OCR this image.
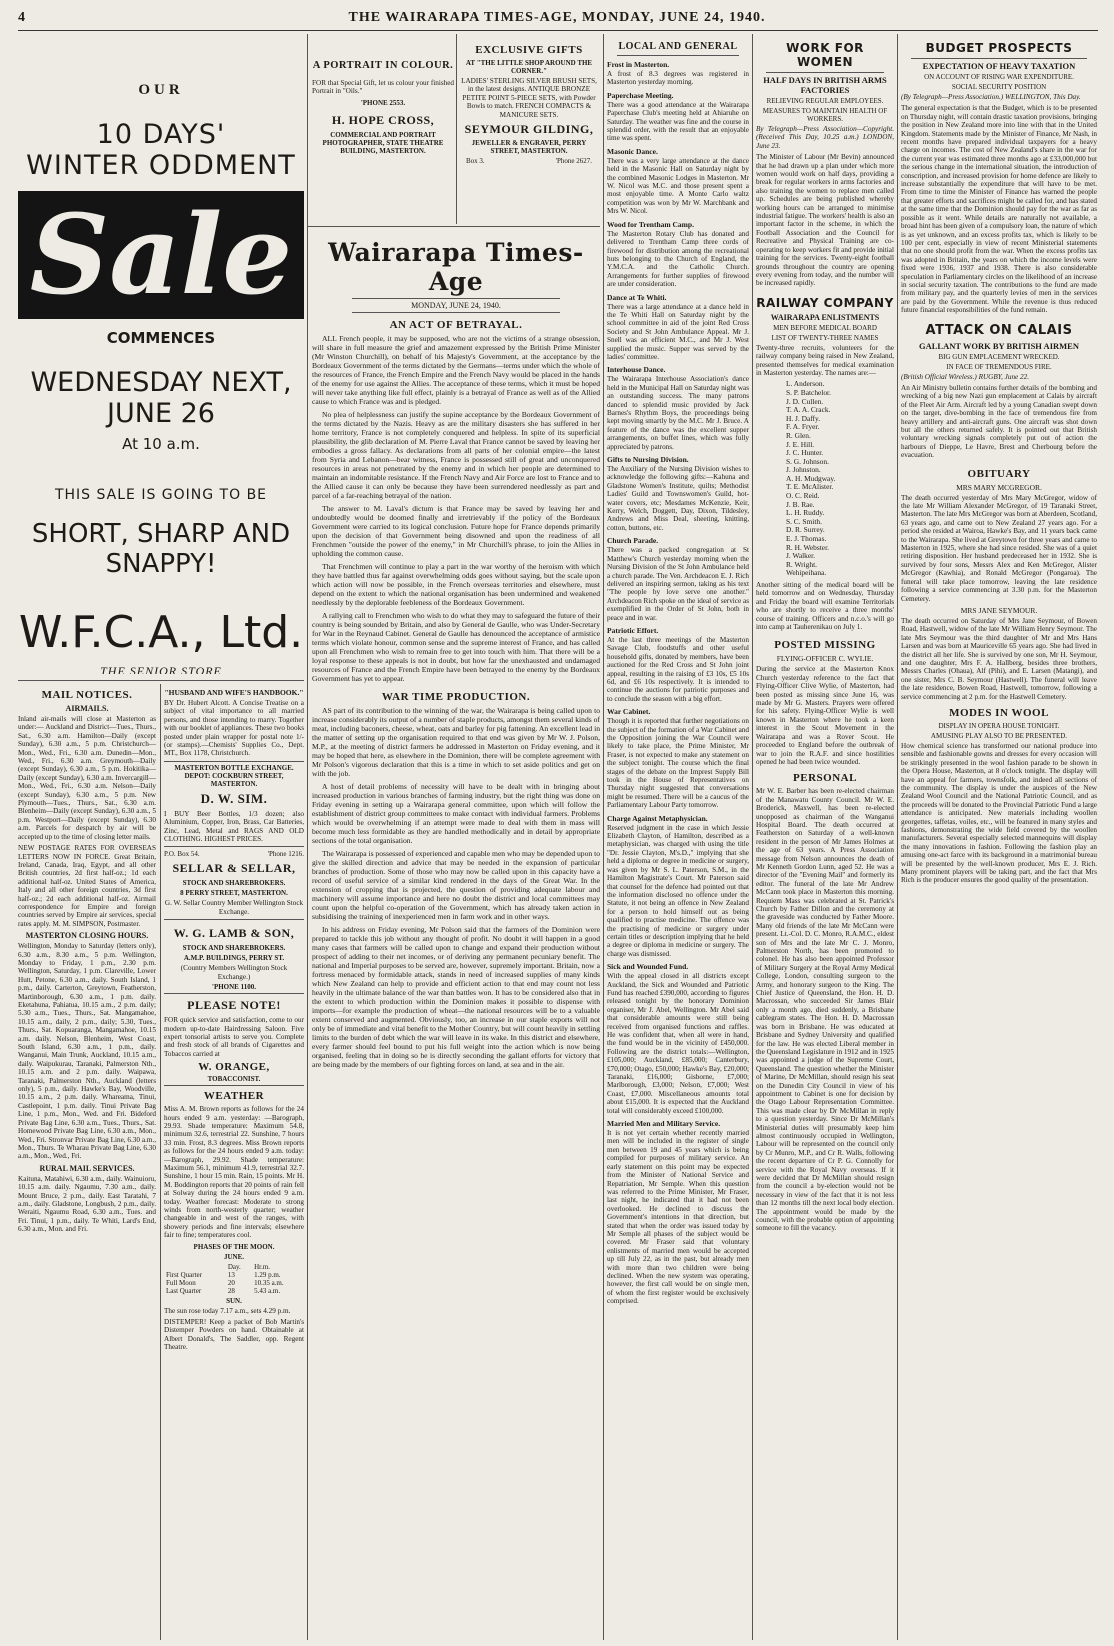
4	THE WAIRARAPA TIMES-AGE, MONDAY, JUNE 24, 1940.
OUR
10 DAYS'
WINTER ODDMENT
Sale
COMMENCES
WEDNESDAY NEXT,
JUNE 26
At 10 a.m.
THIS SALE IS GOING TO BE
SHORT, SHARP AND
SNAPPY!
W.F.C.A., Ltd.
THE SENIOR STORE
MAIL NOTICES.
AIRMAILS.

Inland air-mails will close at Masterton as under:— Auckland and District—Tues., Thurs., Sat., 6.30 a.m. Hamilton—Daily (except Sunday), 6.30 a.m., 5 p.m. Christchurch—Mon., Wed., Fri., 6.30 a.m. Dunedin—Mon., Wed., Fri., 6.30 a.m. Greymouth—Daily (except Sunday), 6.30 a.m., 5 p.m. Hokitika—Daily (except Sunday), 6.30 a.m. Invercargill—Mon., Wed., Fri., 6.30 a.m. Nelson—Daily (except Sunday), 6.30 a.m., 5 p.m. New Plymouth—Tues., Thurs., Sat., 6.30 a.m. Blenheim—Daily (except Sunday), 6.30 a.m., 5 p.m. Westport—Daily (except Sunday), 6.30 a.m. Parcels for despatch by air will be accepted up to the time of closing letter mails.

NEW POSTAGE RATES FOR OVERSEAS LETTERS NOW IN FORCE. Great Britain, Ireland, Canada, Iraq, Egypt, and all other British countries, 2d first half-oz.; 1d each additional half-oz. United States of America, Italy and all other foreign countries, 3d first half-oz.; 2d each additional half-oz. Airmail correspondence for Empire and foreign countries served by Empire air services, special rates apply. M. M. SIMPSON, Postmaster.

MASTERTON CLOSING HOURS.

Wellington, Monday to Saturday (letters only), 6.30 a.m., 8.30 a.m., 5 p.m. Wellington, Monday to Friday, 1 p.m., 2.30 p.m. Wellington, Saturday, 1 p.m. Clareville, Lower Hutt, Petone, 6.30 a.m., daily. South Island, 1 p.m., daily. Carterton, Greytown, Featherston, Martinborough, 6.30 a.m., 1 p.m. daily. Eketahuna, Pahiatua, 10.15 a.m., 2 p.m. daily; 5.30 a.m., Tues., Thurs., Sat. Mangamahoe, 10.15 a.m., daily, 2 p.m., daily; 5.30, Tues., Thurs., Sat. Kopuaranga, Mangamahoe, 10.15 a.m. daily. Nelson, Blenheim, West Coast, South Island, 6.30 a.m., 1 p.m., daily. Wanganui, Main Trunk, Auckland, 10.15 a.m., daily. Waipukurau, Taranaki, Palmerston Nth., 10.15 a.m. and 2 p.m. daily. Waipawa, Taranaki, Palmerston Nth., Auckland (letters only), 5 p.m., daily. Hawke's Bay, Woodville, 10.15 a.m., 2 p.m. daily. Whareama, Tinui, Castlepoint, 1 p.m. daily. Tinui Private Bag Line, 1 p.m., Mon., Wed. and Fri. Bideford Private Bag Line, 6.30 a.m., Tues., Thurs., Sat. Homewood Private Bag Line, 6.30 a.m., Mon., Wed., Fri. Stronvar Private Bag Line, 6.30 a.m., Mon., Thurs. Te Wharau Private Bag Line, 6.30 a.m., Mon., Wed., Fri.

RURAL MAIL SERVICES.

Kaituna, Matahiwi, 6.30 a.m., daily. Wainuioru, 10.15 a.m. daily. Ngaumu, 7.30 a.m., daily. Mount Bruce, 2 p.m., daily. East Taratahi, 7 a.m., daily. Gladstone, Longbush, 2 p.m., daily. Weraiti, Ngaumu Road, 6.30 a.m., Tues. and Fri. Tinui, 1 p.m., daily. Te Whiti, Lard's End, 6.30 a.m., Mon. and Fri.

"HUSBAND AND WIFE'S HANDBOOK."

BY Dr. Hubert Alcott. A Concise Treatise on a subject of vital importance to all married persons, and those intending to marry. Together with our booklet of appliances. These two books posted under plain wrapper for postal note 1/- (or stamps).—Chemists' Supplies Co., Dept. MT., Box 1178, Christchurch.

MASTERTON BOTTLE EXCHANGE. DEPOT: COCKBURN STREET, MASTERTON.
D. W. SIM.

I BUY Beer Bottles, 1/3 dozen; also Aluminium, Copper, Iron, Brass, Car Batteries, Zinc, Lead, Metal and RAGS AND OLD CLOTHING. HIGHEST PRICES.

P.O. Box 54.	'Phone 1216.
SELLAR & SELLAR,
STOCK AND SHAREBROKERS.
8 PERRY STREET, MASTERTON.

G. W. Sellar Country Member Wellington Stock Exchange.

W. G. LAMB & SON,
STOCK AND SHAREBROKERS.
A.M.P. BUILDINGS, PERRY ST.

(Country Members Wellington Stock Exchange.)

'PHONE 1100.
PLEASE NOTE!

FOR quick service and satisfaction, come to our modern up-to-date Hairdressing Saloon. Five expert tonsorial artists to serve you. Complete and fresh stock of all brands of Cigarettes and Tobaccos carried at

W. ORANGE,
TOBACCONIST.
WEATHER

Miss A. M. Brown reports as follows for the 24 hours ended 9 a.m. yesterday: —Barograph, 29.93. Shade temperature: Maximum 54.8, minimum 32.6, terrestrial 22. Sunshine, 7 hours 33 min. Frost, 8.3 degrees. Miss Brown reports as follows for the 24 hours ended 9 a.m. today:—Barograph, 29.92. Shade temperature: Maximum 56.1, minimum 41.9, terrestrial 32.7. Sunshine, 1 hour 15 min. Rain, 15 points. Mr H. M. Boddington reports that 20 points of rain fell at Solway during the 24 hours ended 9 a.m. today. Weather forecast: Moderate to strong winds from north-westerly quarter; weather changeable in and west of the ranges, with showery periods and fine intervals; elsewhere fair to fine; temperatures cool.

PHASES OF THE MOON.
JUNE.
	Day.	Hr.m.
First Quarter	13	1.29 p.m.
Full Moon	20	10.35 a.m.
Last Quarter	28	5.43 a.m.
SUN.

The sun rose today 7.17 a.m., sets 4.29 p.m.

DISTEMPER! Keep a packet of Bob Martin's Distemper Powders on hand. Obtainable at Albert Donald's, The Saddler, opp. Regent Theatre.

A PORTRAIT IN COLOUR.

FOR that Special Gift, let us colour your finished Portrait in "Oils."

'PHONE 2553.
H. HOPE CROSS,
COMMERCIAL AND PORTRAIT PHOTOGRAPHER, STATE THEATRE BUILDING, MASTERTON.
EXCLUSIVE GIFTS
AT "THE LITTLE SHOP AROUND THE CORNER."

LADIES' STERLING SILVER BRUSH SETS, in the latest designs. ANTIQUE BRONZE PETITE POINT 5-PIECE SETS, with Powder Bowls to match. FRENCH COMPACTS & MANICURE SETS.

SEYMOUR GILDING,
JEWELLER & ENGRAVER, PERRY STREET, MASTERTON.
Box 3.	'Phone 2627.
Wairarapa Times-Age
MONDAY, JUNE 24, 1940.
AN ACT OF BETRAYAL.

ALL French people, it may be supposed, who are not the victims of a strange obsession, will share in full measure the grief and amazement expressed by the British Prime Minister (Mr Winston Churchill), on behalf of his Majesty's Government, at the acceptance by the Bordeaux Government of the terms dictated by the Germans—terms under which the whole of the resources of France, the French Empire and the French Navy would be placed in the hands of the enemy for use against the Allies. The acceptance of these terms, which it must be hoped will never take anything like full effect, plainly is a betrayal of France as well as of the Allied cause to which France was and is pledged.

No plea of helplessness can justify the supine acceptance by the Bordeaux Government of the terms dictated by the Nazis. Heavy as are the military disasters she has suffered in her home territory, France is not completely conquered and helpless. In spite of its superficial plausibility, the glib declaration of M. Pierre Laval that France cannot be saved by leaving her embodies a gross fallacy. As declarations from all parts of her colonial empire—the latest from Syria and Lebanon—bear witness, France is possessed still of great and unconquered resources in areas not penetrated by the enemy and in which her people are determined to maintain an indomitable resistance. If the French Navy and Air Force are lost to France and to the Allied cause it can only be because they have been surrendered needlessly as part and parcel of a far-reaching betrayal of the nation.

The answer to M. Laval's dictum is that France may be saved by leaving her and undoubtedly would be doomed finally and irretrievably if the policy of the Bordeaux Government were carried to its logical conclusion. Future hope for France depends primarily upon the decision of that Government being disowned and upon the readiness of all Frenchmen "outside the power of the enemy," in Mr Churchill's phrase, to join the Allies in upholding the common cause.

That Frenchmen will continue to play a part in the war worthy of the heroism with which they have battled thus far against overwhelming odds goes without saying, but the scale upon which action will now be possible, in the French overseas territories and elsewhere, must depend on the extent to which the national organisation has been undermined and weakened needlessly by the deplorable feebleness of the Bordeaux Government.

A rallying call to Frenchmen who wish to do what they may to safeguard the future of their country is being sounded by Britain, and also by General de Gaulle, who was Under-Secretary for War in the Reynaud Cabinet. General de Gaulle has denounced the acceptance of armistice terms which violate honour, common sense and the supreme interest of France, and has called upon all Frenchmen who wish to remain free to get into touch with him. That there will be a loyal response to these appeals is not in doubt, but how far the unexhausted and undamaged resources of France and the French Empire have been betrayed to the enemy by the Bordeaux Government has yet to appear.

WAR TIME PRODUCTION.

AS part of its contribution to the winning of the war, the Wairarapa is being called upon to increase considerably its output of a number of staple products, amongst them several kinds of meat, including baconers, cheese, wheat, oats and barley for pig fattening. An excellent lead in the matter of setting up the organisation required to that end was given by Mr W. J. Polson, M.P., at the meeting of district farmers he addressed in Masterton on Friday evening, and it may be hoped that here, as elsewhere in the Dominion, there will be complete agreement with Mr Polson's vigorous declaration that this is a time in which to set aside politics and get on with the job.

A host of detail problems of necessity will have to be dealt with in bringing about increased production in various branches of farming industry, but the right thing was done on Friday evening in setting up a Wairarapa general committee, upon which will follow the establishment of district group committees to make contact with individual farmers. Problems which would be overwhelming if an attempt were made to deal with them in mass will become much less formidable as they are handled methodically and in detail by appropriate sections of the total organisation.

The Wairarapa is possessed of experienced and capable men who may be depended upon to give the skilled direction and advice that may be needed in the expansion of particular branches of production. Some of those who may now be called upon in this capacity have a record of useful service of a similar kind rendered in the days of the Great War. In the extension of cropping that is projected, the question of providing adequate labour and machinery will assume importance and here no doubt the district and local committees may count upon the helpful co-operation of the Government, which has already taken action in subsidising the training of inexperienced men in farm work and in other ways.

In his address on Friday evening, Mr Polson said that the farmers of the Dominion were prepared to tackle this job without any thought of profit. No doubt it will happen in a good many cases that farmers will be called upon to change and expand their production without prospect of adding to their net incomes, or of deriving any permanent pecuniary benefit. The national and Imperial purposes to be served are, however, supremely important. Britain, now a fortress menaced by formidable attack, stands in need of increased supplies of many kinds which New Zealand can help to provide and efficient action to that end may count not less heavily in the ultimate balance of the war than battles won. It has to be considered also that in the extent to which production within the Dominion makes it possible to dispense with imports—for example the production of wheat—the national resources will be to a valuable extent conserved and augmented. Obviously, too, an increase in our staple exports will not only be of immediate and vital benefit to the Mother Country, but will count heavily in settling limits to the burden of debt which the war will leave in its wake. In this district and elsewhere, every farmer should feel bound to put his full weight into the action which is now being organised, feeling that in doing so he is directly seconding the gallant efforts for victory that are being made by the members of our fighting forces on land, at sea and in the air.

LOCAL AND GENERAL
Frost in Masterton.

A frost of 8.3 degrees was registered in Masterton yesterday morning.

Paperchase Meeting.

There was a good attendance at the Wairarapa Paperchase Club's meeting held at Ahiaruhe on Saturday. The weather was fine and the course in splendid order, with the result that an enjoyable time was spent.

Masonic Dance.

There was a very large attendance at the dance held in the Masonic Hall on Saturday night by the combined Masonic Lodges in Masterton. Mr W. Nicol was M.C. and those present spent a most enjoyable time. A Monte Carlo waltz competition was won by Mr W. Marchbank and Mrs W. Nicol.

Wood for Trentham Camp.

The Masterton Rotary Club has donated and delivered to Trentham Camp three cords of firewood for distribution among the recreational huts belonging to the Church of England, the Y.M.C.A. and the Catholic Church. Arrangements for further supplies of firewood are under consideration.

Dance at Te Whiti.

There was a large attendance at a dance held in the Te Whiti Hall on Saturday night by the school committee in aid of the joint Red Cross Society and St John Ambulance Appeal. Mr J. Snell was an efficient M.C., and Mr J. West supplied the music. Supper was served by the ladies' committee.

Interhouse Dance.

The Wairarapa Interhouse Association's dance held in the Municipal Hall on Saturday night was an outstanding success. The many patrons danced to splendid music provided by Jack Barnes's Rhythm Boys, the proceedings being kept moving smartly by the M.C. Mr J. Bruce. A feature of the dance was the excellent supper arrangements, on buffet lines, which was fully appreciated by patrons.

Gifts to Nursing Division.

The Auxiliary of the Nursing Division wishes to acknowledge the following gifts:—Kahuna and Gladstone Women's Institute, quilts; Methodist Ladies' Guild and Townswomen's Guild, hot-water covers, etc; Mesdames McKenzie, Keir, Kerry, Welch, Doggett, Day, Dixon, Tildesley, Andrews and Miss Deal, sheeting, knitting, cotton, buttons, etc.

Church Parade.

There was a packed congregation at St Matthew's Church yesterday morning when the Nursing Division of the St John Ambulance held a church parade. The Ven. Archdeacon E. J. Rich delivered an inspiring sermon, taking as his text "The people by love serve one another." Archdeacon Rich spoke on the ideal of service as exemplified in the Order of St John, both in peace and in war.

Patriotic Effort.

At the last three meetings of the Masterton Savage Club, foodstuffs and other useful household gifts, donated by members, have been auctioned for the Red Cross and St John joint appeal, resulting in the raising of £3 10s, £5 10s 6d, and £6 10s respectively. It is intended to continue the auctions for patriotic purposes and to conclude the season with a big effort.

War Cabinet.

Though it is reported that further negotiations on the subject of the formation of a War Cabinet and the Opposition joining the War Council were likely to take place, the Prime Minister, Mr Fraser, is not expected to make any statement on the subject tonight. The course which the final stages of the debate on the Imprest Supply Bill took in the House of Representatives on Thursday night suggested that conversations might be resumed. There will be a caucus of the Parliamentary Labour Party tomorrow.

Charge Against Metaphysician.

Reserved judgment in the case in which Jessie Elizabeth Clayton, of Hamilton, described as a metaphysician, was charged with using the title "Dr. Jessie Clayton, M's.D.," implying that she held a diploma or degree in medicine or surgery, was given by Mr S. L. Paterson, S.M., in the Hamilton Magistrate's Court. Mr Paterson said that counsel for the defence had pointed out that the information disclosed no offence under the Statute, it not being an offence in New Zealand for a person to hold himself out as being qualified to practise medicine. The offence was the practising of medicine or surgery under certain titles or description implying that he held a degree or diploma in medicine or surgery. The charge was dismissed.

Sick and Wounded Fund.

With the appeal closed in all districts except Auckland, the Sick and Wounded and Patriotic Fund has reached £390,000, according to figures released tonight by the honorary Dominion organiser, Mr J. Abel, Wellington. Mr Abel said that considerable amounts were still being received from organised functions and raffles. He was confident that, when all were in hand, the fund would be in the vicinity of £450,000. Following are the district totals:—Wellington, £105,000; Auckland, £85,000; Canterbury, £70,000; Otago, £50,000; Hawke's Bay, £20,000; Taranaki, £16,000; Gisborne, £7,000; Marlborough, £3,000; Nelson, £7,000; West Coast, £7,000. Miscellaneous amounts total about £15,000. It is expected that the Auckland total will considerably exceed £100,000.

Married Men and Military Service.

It is not yet certain whether recently married men will be included in the register of single men between 19 and 45 years which is being compiled for purposes of military service. An early statement on this point may be expected from the Minister of National Service and Repatriation, Mr Semple. When this question was referred to the Prime Minister, Mr Fraser, last night, he indicated that it had not been overlooked. He declined to discuss the Government's intentions in that direction, but stated that when the order was issued today by Mr Semple all phases of the subject would be covered. Mr Fraser said that voluntary enlistments of married men would be accepted up till July 22, as in the past, but already men with more than two children were being declined. When the new system was operating, however, the first call would be on single men, of whom the first register would be exclusively comprised.

WORK FOR WOMEN
HALF DAYS IN BRITISH ARMS FACTORIES
RELIEVING REGULAR EMPLOYEES.
MEASURES TO MAINTAIN HEALTH OF WORKERS.

By Telegraph—Press Association—Copyright. (Received This Day, 10.25 a.m.) LONDON, June 23.

The Minister of Labour (Mr Bevin) announced that he had drawn up a plan under which more women would work on half days, providing a break for regular workers in arms factories and also training the women to replace men called up. Schedules are being published whereby working hours can be arranged to minimise industrial fatigue. The workers' health is also an important factor in the scheme, in which the Football Association and the Council for Recreative and Physical Training are co-operating to keep workers fit and provide initial training for the services. Twenty-eight football grounds throughout the country are opening every evening from today, and the number will be increased rapidly.

RAILWAY COMPANY
WAIRARAPA ENLISTMENTS
MEN BEFORE MEDICAL BOARD
LIST OF TWENTY-THREE NAMES

Twenty-three recruits, volunteers for the railway company being raised in New Zealand, presented themselves for medical examination in Masterton yesterday. The names are:—

L. Anderson.
S. P. Batchelor.
J. D. Cullen.
T. A. A. Crack.
H. J. Daffy.
F. A. Fryer.
R. Glen.
J. E. Hill.
J. C. Hunter.
S. G. Johnson.
J. Johnston.
A. H. Mudgway.
T. E. McAlister.
O. C. Reid.
J. B. Rae.
L. H. Ruddy.
S. C. Smith.
D. R. Surrey.
E. J. Thomas.
R. H. Webster.
J. Walker.
R. Wright.
Wehipeihana.

Another sitting of the medical board will be held tomorrow and on Wednesday, Thursday and Friday the board will examine Territorials who are shortly to receive a three months' course of training. Officers and n.c.o.'s will go into camp at Tauherenikau on July 1.

POSTED MISSING
FLYING-OFFICER C. WYLIE.

During the service at the Masterton Knox Church yesterday reference to the fact that Flying-Officer Clive Wylie, of Masterton, had been posted as missing since June 16, was made by Mr G. Masters. Prayers were offered for his safety. Flying-Officer Wylie is well known in Masterton where he took a keen interest in the Scout Movement in the Wairarapa and was a Rover Scout. He proceeded to England before the outbreak of war to join the R.A.F. and since hostilities opened he had been twice wounded.

PERSONAL

Mr W. E. Barber has been re-elected chairman of the Manawatu County Council. Mr W. E. Broderick, Maxwell, has been re-elected unopposed as chairman of the Wanganui Hospital Board. The death occurred at Featherston on Saturday of a well-known resident in the person of Mr James Holmes at the age of 63 years. A Press Association message from Nelson announces the death of Mr Kenneth Gordon Lunn, aged 52. He was a director of the "Evening Mail" and formerly its editor. The funeral of the late Mr Andrew McCann took place in Masterton this morning. Requiem Mass was celebrated at St. Patrick's Church by Father Dillon and the ceremony at the graveside was conducted by Father Moore. Many old friends of the late Mr McCann were present. Lt.-Col. D. C. Monro, R.A.M.C., eldest son of Mrs and the late Mr C. J. Monro, Palmerston North, has been promoted to colonel. He has also been appointed Professor of Military Surgery at the Royal Army Medical College, London, consulting surgeon to the Army, and honorary surgeon to the King. The Chief Justice of Queensland, the Hon. H. D. Macrossan, who succeeded Sir James Blair only a month ago, died suddenly, a Brisbane cablegram states. The Hon. H. D. Macrossan was born in Brisbane. He was educated at Brisbane and Sydney University and qualified for the law. He was elected Liberal member in the Queensland Legislature in 1912 and in 1925 was appointed a judge of the Supreme Court, Queensland. The question whether the Minister of Marine, Dr McMillan, should resign his seat on the Dunedin City Council in view of his appointment to Cabinet is one for decision by the Otago Labour Representation Committee. This was made clear by Dr McMillan in reply to a question yesterday. Since Dr McMillan's Ministerial duties will presumably keep him almost continuously occupied in Wellington, Labour will be represented on the council only by Cr Munro, M.P., and Cr R. Walls, following the recent departure of Cr P. G. Connolly for service with the Royal Navy overseas. If it were decided that Dr McMillan should resign from the council a by-election would not be necessary in view of the fact that it is not less than 12 months till the next local body election. The appointment would be made by the council, with the probable option of appointing someone to fill the vacancy.

BUDGET PROSPECTS
EXPECTATION OF HEAVY TAXATION
ON ACCOUNT OF RISING WAR EXPENDITURE.
SOCIAL SECURITY POSITION

(By Telegraph—Press Association.) WELLINGTON, This Day.

The general expectation is that the Budget, which is to be presented on Thursday night, will contain drastic taxation provisions, bringing the position in New Zealand more into line with that in the United Kingdom. Statements made by the Minister of Finance, Mr Nash, in recent months have prepared individual taxpayers for a heavy charge on incomes. The cost of New Zealand's share in the war for the current year was estimated three months ago at £33,000,000 but the serious change in the international situation, the introduction of conscription, and increased provision for home defence are likely to increase substantially the expenditure that will have to be met. From time to time the Minister of Finance has warned the people that greater efforts and sacrifices might be called for, and has stated at the same time that the Dominion should pay for the war as far as possible as it went. While details are naturally not available, a broad hint has been given of a compulsory loan, the nature of which is as yet unknown, and an excess profits tax, which is likely to be 100 per cent, especially in view of recent Ministerial statements that no one should profit from the war. When the excess profits tax was adopted in Britain, the years on which the income levels were fixed were 1936, 1937 and 1938. There is also considerable speculation in Parliamentary circles on the likelihood of an increase in social security taxation. The contributions to the fund are made from military pay, and the quarterly levies of men in the services are paid by the Government. While the revenue is thus reduced future financial responsibilities of the fund remain.

ATTACK ON CALAIS
GALLANT WORK BY BRITISH AIRMEN
BIG GUN EMPLACEMENT WRECKED.
IN FACE OF TREMENDOUS FIRE.

(British Official Wireless.) RUGBY, June 22.

An Air Ministry bulletin contains further details of the bombing and wrecking of a big new Nazi gun emplacement at Calais by aircraft of the Fleet Air Arm. Aircraft led by a young Canadian swept down on the target, dive-bombing in the face of tremendous fire from heavy artillery and anti-aircraft guns. One aircraft was shot down but all the others returned safely. It is pointed out that British voluntary wrecking signals completely put out of action the harbours of Dieppe, Le Havre, Brest and Cherbourg before the evacuation.

OBITUARY
MRS MARY MCGREGOR.

The death occurred yesterday of Mrs Mary McGregor, widow of the late Mr William Alexander McGregor, of 19 Taranaki Street, Masterton. The late Mrs McGregor was born at Aberdeen, Scotland, 63 years ago, and came out to New Zealand 27 years ago. For a period she resided at Wairoa, Hawke's Bay, and 11 years back came to the Wairarapa. She lived at Greytown for three years and came to Masterton in 1925, where she had since resided. She was of a quiet retiring disposition. Her husband predeceased her in 1932. She is survived by four sons, Messrs Alex and Ken McGregor, Alister McGregor (Kawhia), and Ronald McGregor (Pongaroa). The funeral will take place tomorrow, leaving the late residence following a service commencing at 3.30 p.m. for the Masterton Cemetery.

MRS JANE SEYMOUR.

The death occurred on Saturday of Mrs Jane Seymour, of Bowen Road, Hastwell, widow of the late Mr William Henry Seymour. The late Mrs Seymour was the third daughter of Mr and Mrs Hans Larsen and was born at Mauriceville 65 years ago. She had lived in the district all her life. She is survived by one son, Mr H. Seymour, and one daughter, Mrs F. A. Hallberg, besides three brothers, Messrs Charles (Ohaua), Alf (Pihi), and E. Larsen (Matangi), and one sister, Mrs C. B. Seymour (Hastwell). The funeral will leave the late residence, Bowen Road, Hastwell, tomorrow, following a service commencing at 2 p.m. for the Hastwell Cemetery.

MODES IN WOOL
DISPLAY IN OPERA HOUSE TONIGHT.
AMUSING PLAY ALSO TO BE PRESENTED.

How chemical science has transformed our national produce into sensible and fashionable gowns and dresses for every occasion will be strikingly presented in the wool fashion parade to be shown in the Opera House, Masterton, at 8 o'clock tonight. The display will have an appeal for farmers, townsfolk, and indeed all sections of the community. The display is under the auspices of the New Zealand Wool Council and the National Patriotic Council, and as the proceeds will be donated to the Provincial Patriotic Fund a large attendance is anticipated. New materials including woollen georgettes, taffetas, voiles, etc., will be featured in many styles and fashions, demonstrating the wide field covered by the woollen manufacturers. Several especially selected mannequins will display the many innovations in fashion. Following the fashion play an amusing one-act farce with its background in a matrimonial bureau will be presented by the well-known producer, Mrs E. J. Rich. Many prominent players will be taking part, and the fact that Mrs Rich is the producer ensures the good quality of the presentation.
